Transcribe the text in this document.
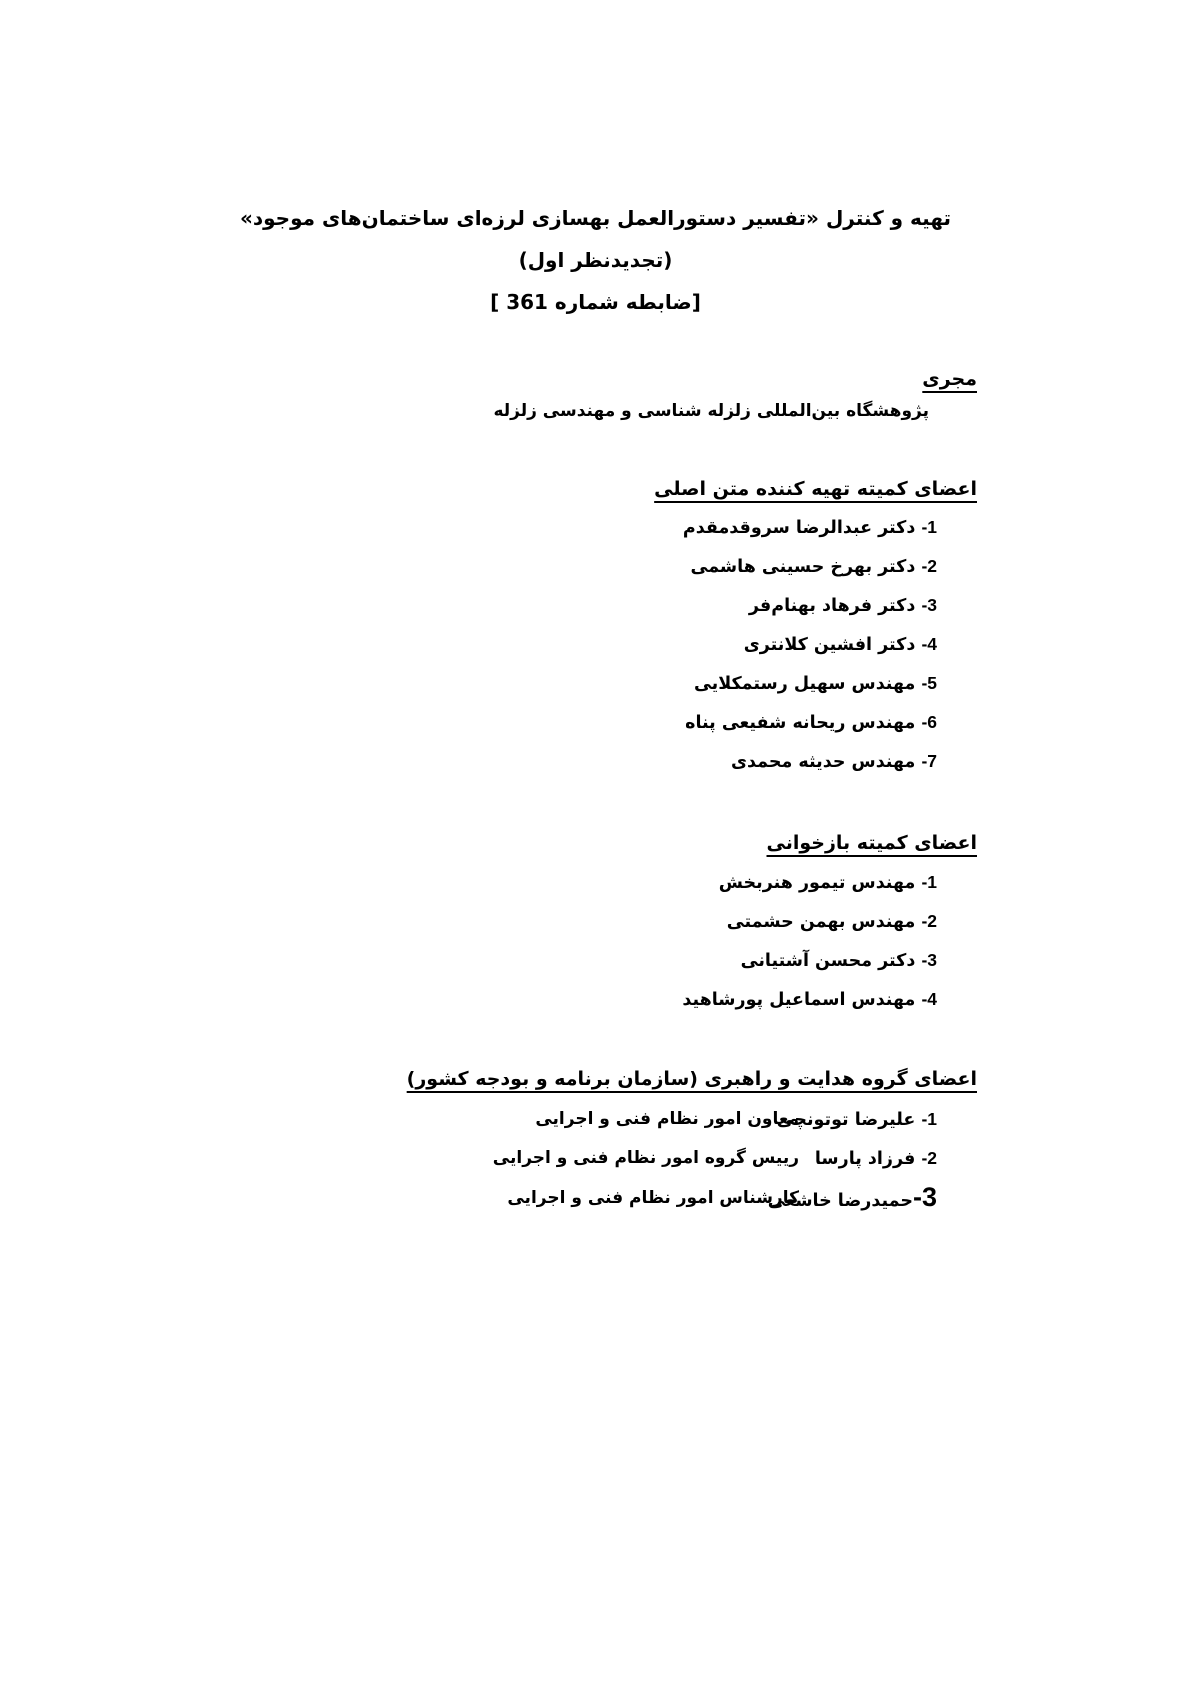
تهیه و کنترل «تفسیر دستورالعمل بهسازی لرزه‌ای ساختمان‌های موجود»
(تجدیدنظر اول)
[ضابطه شماره 361 ]
مجری
پژوهشگاه بین‌المللی زلزله شناسی و مهندسی زلزله
اعضای کمیته تهیه کننده متن اصلی
1- دکتر عبدالرضا سروقدمقدم
2- دکتر بهرخ حسینی هاشمی
3- دکتر فرهاد بهنام‌فر
4- دکتر افشین کلانتری
5- مهندس سهیل رستمکلایی
6- مهندس ریحانه شفیعی پناه
7- مهندس حدیثه محمدی
اعضای کمیته بازخوانی
1- مهندس تیمور هنربخش
2- مهندس بهمن حشمتی
3- دکتر محسن آشتیانی
4- مهندس اسماعیل پورشاهید
اعضای گروه هدایت و راهبری (سازمان برنامه و بودجه کشور)
1- علیرضا توتونچی
معاون امور نظام فنی و اجرایی
2- فرزاد پارسا
رییس گروه امور نظام فنی و اجرایی
3-حمیدرضا خاشعی
کارشناس امور نظام فنی و اجرایی
